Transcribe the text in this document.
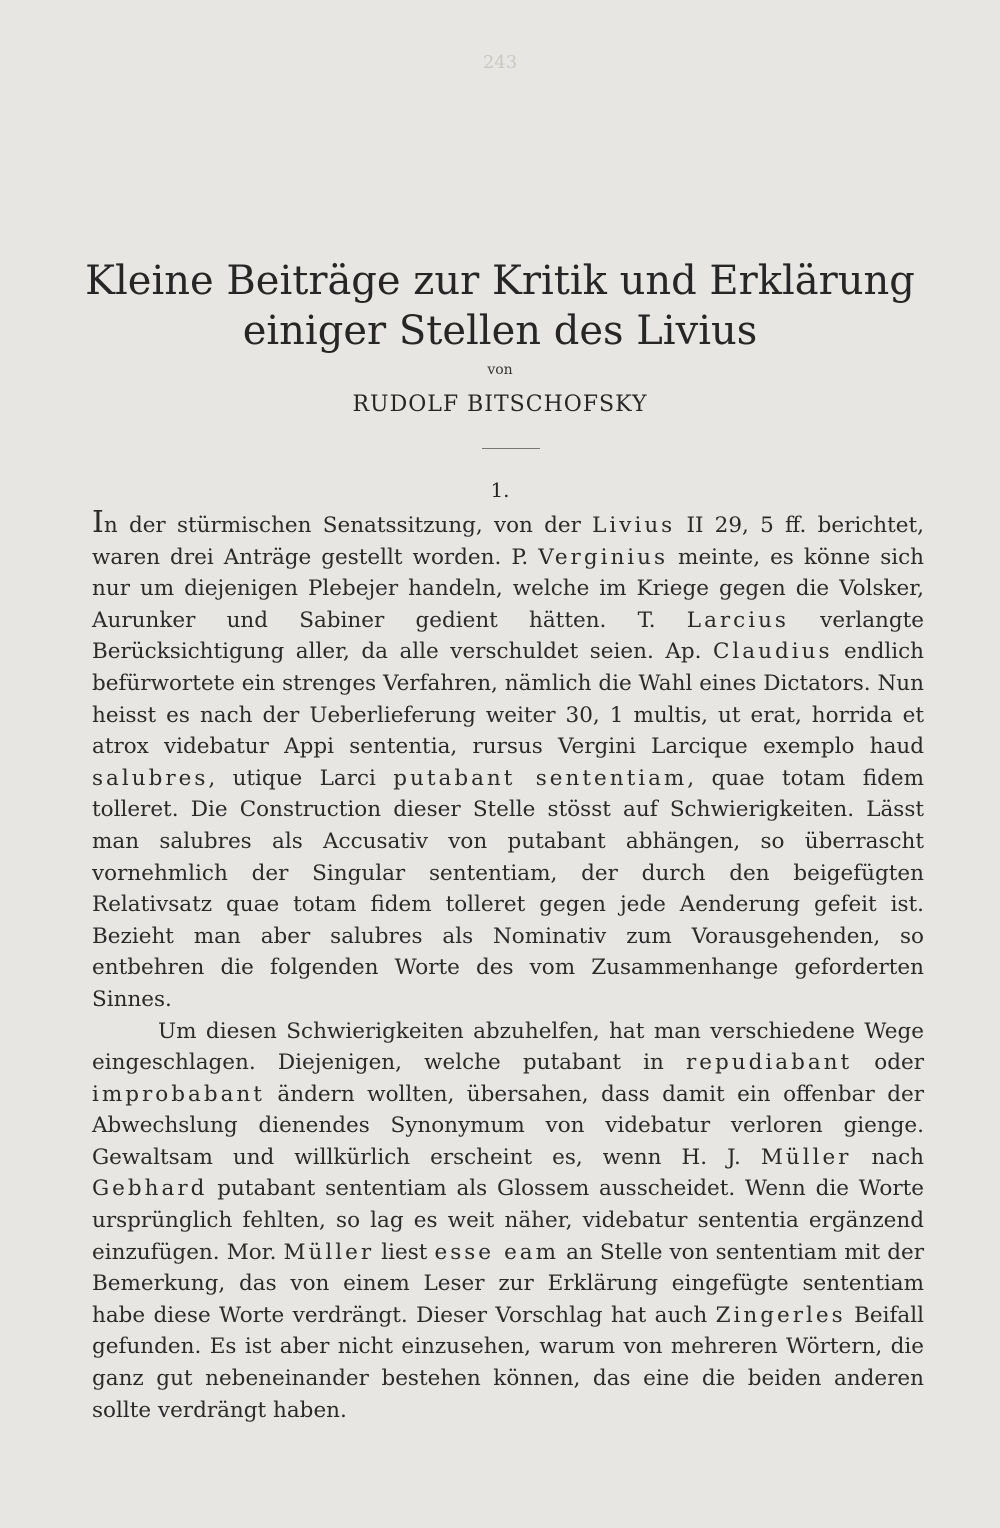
243
Kleine Beiträge zur Kritik und Erklärung einiger Stellen des Livius
von
RUDOLF BITSCHOFSKY
1.

In der stürmischen Senatssitzung, von der Livius II 29, 5 ff. berichtet, waren drei Anträge gestellt worden. P. Verginius meinte, es könne sich nur um diejenigen Plebejer handeln, welche im Kriege gegen die Volsker, Aurunker und Sabiner gedient hätten. T. Larcius verlangte Berücksichtigung aller, da alle verschuldet seien. Ap. Claudius endlich befürwortete ein strenges Verfahren, nämlich die Wahl eines Dictators. Nun heisst es nach der Ueberlieferung weiter 30, 1 multis, ut erat, horrida et atrox videbatur Appi sententia, rursus Vergini Larcique exemplo haud salubres, utique Larci putabant sententiam, quae totam fidem tolleret. Die Construction dieser Stelle stösst auf Schwierigkeiten. Lässt man salubres als Accusativ von putabant abhängen, so überrascht vornehmlich der Singular sententiam, der durch den beigefügten Relativsatz quae totam fidem tolleret gegen jede Aenderung gefeit ist. Bezieht man aber salubres als Nominativ zum Vorausgehenden, so entbehren die folgenden Worte des vom Zusammenhange geforderten Sinnes.

Um diesen Schwierigkeiten abzuhelfen, hat man verschiedene Wege eingeschlagen. Diejenigen, welche putabant in repudiabant oder improbabant ändern wollten, übersahen, dass damit ein offenbar der Abwechslung dienendes Synonymum von videbatur verloren gienge. Gewaltsam und willkürlich erscheint es, wenn H. J. Müller nach Gebhard putabant sententiam als Glossem ausscheidet. Wenn die Worte ursprünglich fehlten, so lag es weit näher, videbatur sententia ergänzend einzufügen. Mor. Müller liest esse eam an Stelle von sententiam mit der Bemerkung, das von einem Leser zur Erklärung eingefügte sententiam habe diese Worte verdrängt. Dieser Vorschlag hat auch Zingerles Beifall gefunden. Es ist aber nicht einzusehen, warum von mehreren Wörtern, die ganz gut nebeneinander bestehen können, das eine die beiden anderen sollte verdrängt haben.
